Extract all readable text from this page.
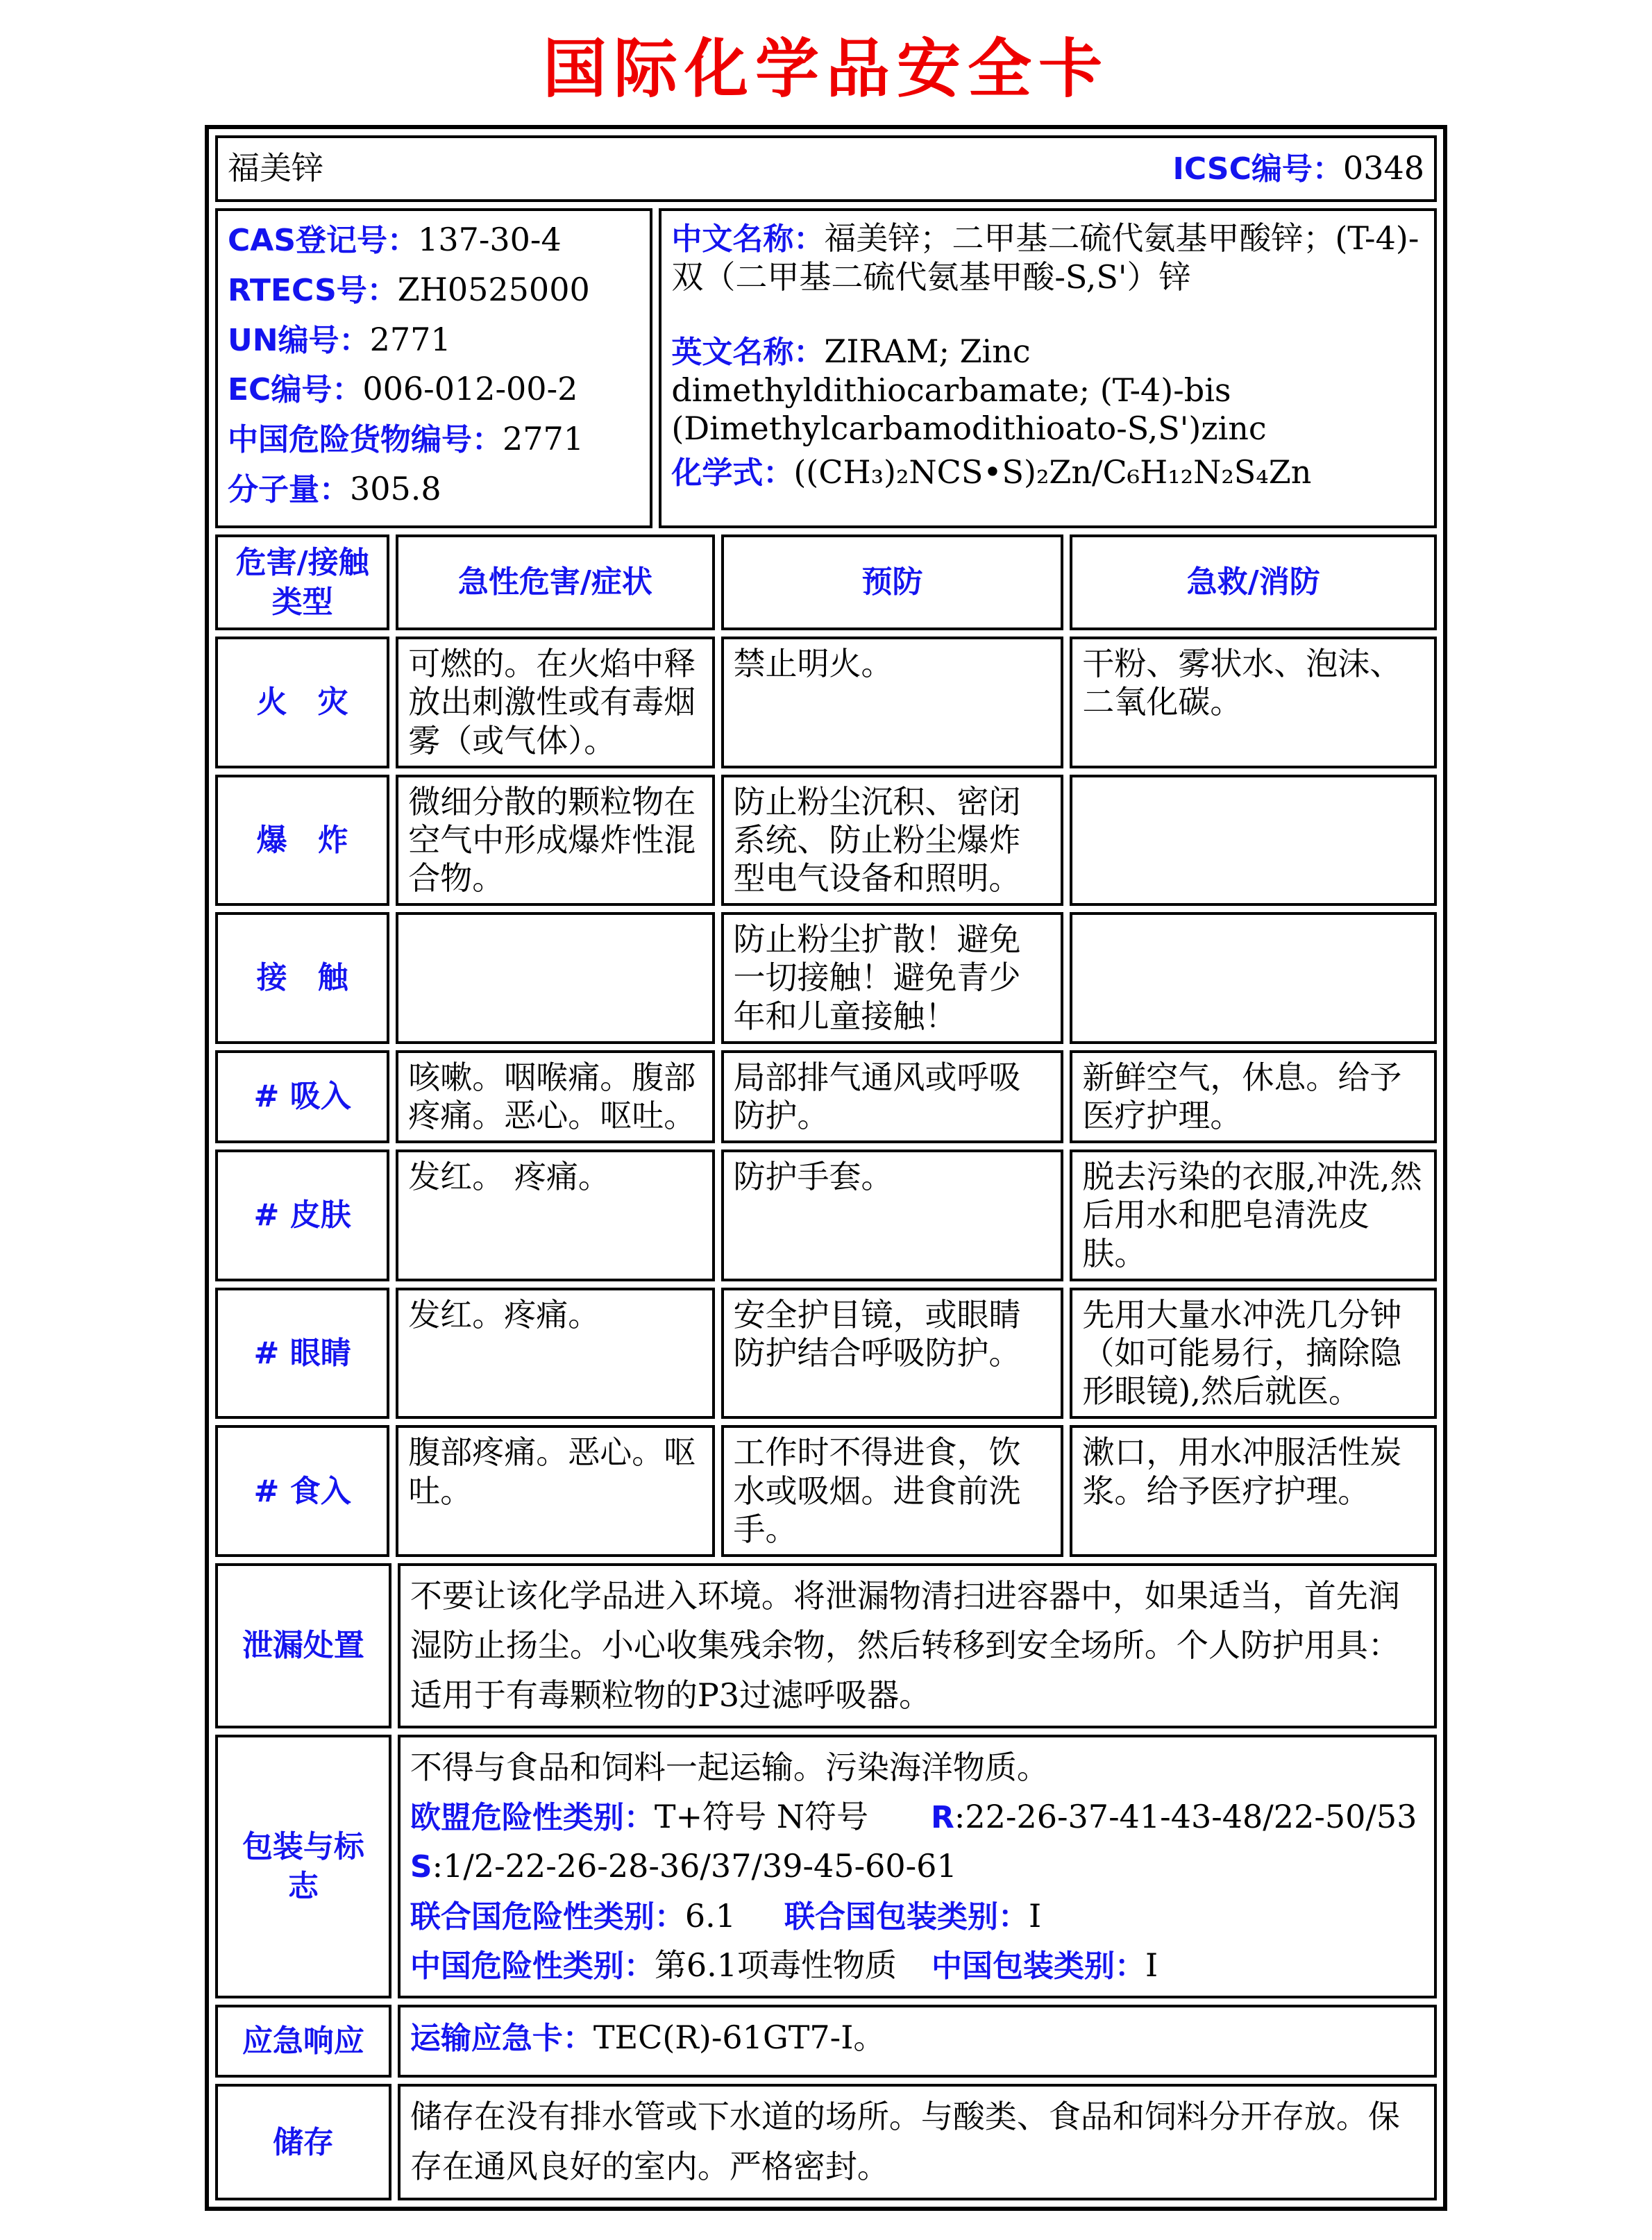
国际化学品安全卡
福美锌	ICSC编号：0348
CAS登记号：137-30-4
RTECS号：ZH0525000
UN编号：2771
EC编号：006-012-00-2
中国危险货物编号：2771
分子量：305.8

中文名称：福美锌；二甲基二硫代氨基甲酸锌；(T-4)-双（二甲基二硫代氨基甲酸-S,S'）锌
英文名称：ZIRAM; Zinc dimethyldithiocarbamate; (T-4)-bis (Dimethylcarbamodithioato-S,S')zinc
化学式：((CH₃)₂NCS•S)₂Zn/C₆H₁₂N₂S₄Zn
危害/接触类型	急性危害/症状	预防	急救/消防
火　灾	可燃的。在火焰中释放出刺激性或有毒烟雾（或气体）。	禁止明火。	干粉、雾状水、泡沫、二氧化碳。
爆　炸	微细分散的颗粒物在空气中形成爆炸性混合物。	防止粉尘沉积、密闭系统、防止粉尘爆炸型电气设备和照明。	
接　触		防止粉尘扩散！避免一切接触！避免青少年和儿童接触！	
# 吸入	咳嗽。咽喉痛。腹部疼痛。恶心。呕吐。	局部排气通风或呼吸防护。	新鲜空气，休息。给予医疗护理。
# 皮肤	发红。 疼痛。	防护手套。	脱去污染的衣服,冲洗,然后用水和肥皂清洗皮肤。
# 眼睛	发红。疼痛。	安全护目镜，或眼睛防护结合呼吸防护。	先用大量水冲洗几分钟（如可能易行，摘除隐形眼镜),然后就医。
# 食入	腹部疼痛。恶心。呕吐。	工作时不得进食，饮水或吸烟。进食前洗手。	漱口，用水冲服活性炭浆。给予医疗护理。
泄漏处置	不要让该化学品进入环境。将泄漏物清扫进容器中，如果适当，首先润湿防止扬尘。小心收集残余物，然后转移到安全场所。个人防护用具：适用于有毒颗粒物的P3过滤呼吸器。
包装与标志	不得与食品和饲料一起运输。污染海洋物质。
欧盟危险性类别：T+符号 N符号 R:22-26-37-41-43-48/22-50/53
S:1/2-22-26-28-36/37/39-45-60-61
联合国危险性类别：6.1 联合国包装类别：I
中国危险性类别：第6.1项毒性物质 中国包装类别：I

应急响应	运输应急卡：TEC(R)-61GT7-I。
储存	储存在没有排水管或下水道的场所。与酸类、食品和饲料分开存放。保存在通风良好的室内。严格密封。
